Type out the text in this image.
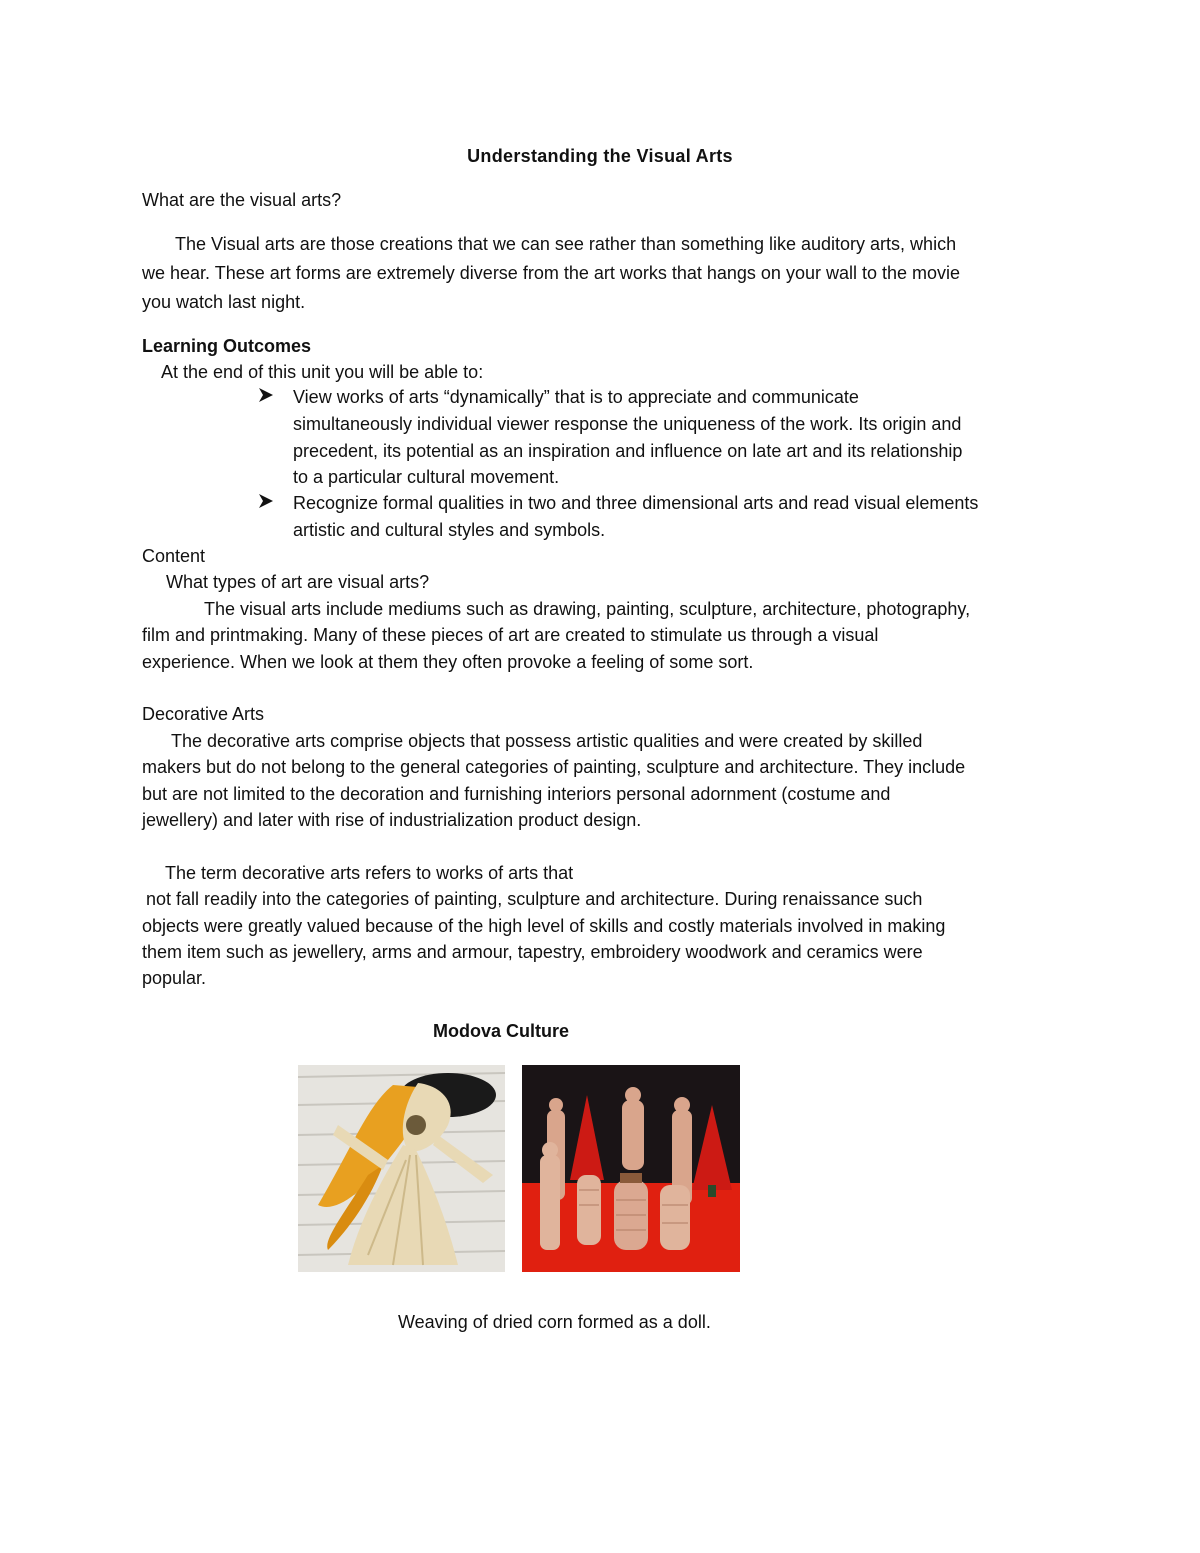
Understanding the Visual Arts

What are the visual arts?

The Visual arts are those creations that we can see rather than something like auditory arts, which

we hear. These art forms are extremely diverse from the art works that hangs on your wall to the movie

you watch last night.

Learning Outcomes

At the end of this unit you will be able to:

View works of arts “dynamically” that is to appreciate and communicate

simultaneously individual viewer response the uniqueness of the work. Its origin and

precedent, its potential as an inspiration and influence on late art and its relationship

to a particular cultural movement.

Recognize formal qualities in two and three dimensional arts and read visual elements

artistic and cultural styles and symbols.

Content

What types of art are visual arts?

The visual arts include mediums such as drawing, painting, sculpture, architecture, photography,

film and printmaking. Many of these pieces of art are created to stimulate us through a visual

experience. When we look at them they often provoke a feeling of some sort.

Decorative Arts

The decorative arts comprise objects that possess artistic qualities and were created by skilled

makers but do not belong to the general categories of painting, sculpture and architecture. They include

but are not limited to the decoration and furnishing interiors personal adornment (costume and

jewellery) and later with rise of industrialization product design.

The term decorative arts refers to works of arts that

not fall readily into the categories of painting, sculpture and architecture. During renaissance such

objects were greatly valued because of the high level of skills and costly materials involved in making

them item such as jewellery, arms and armour, tapestry, embroidery woodwork and ceramics were

popular.

Modova Culture

Weaving of dried corn formed as a doll.
